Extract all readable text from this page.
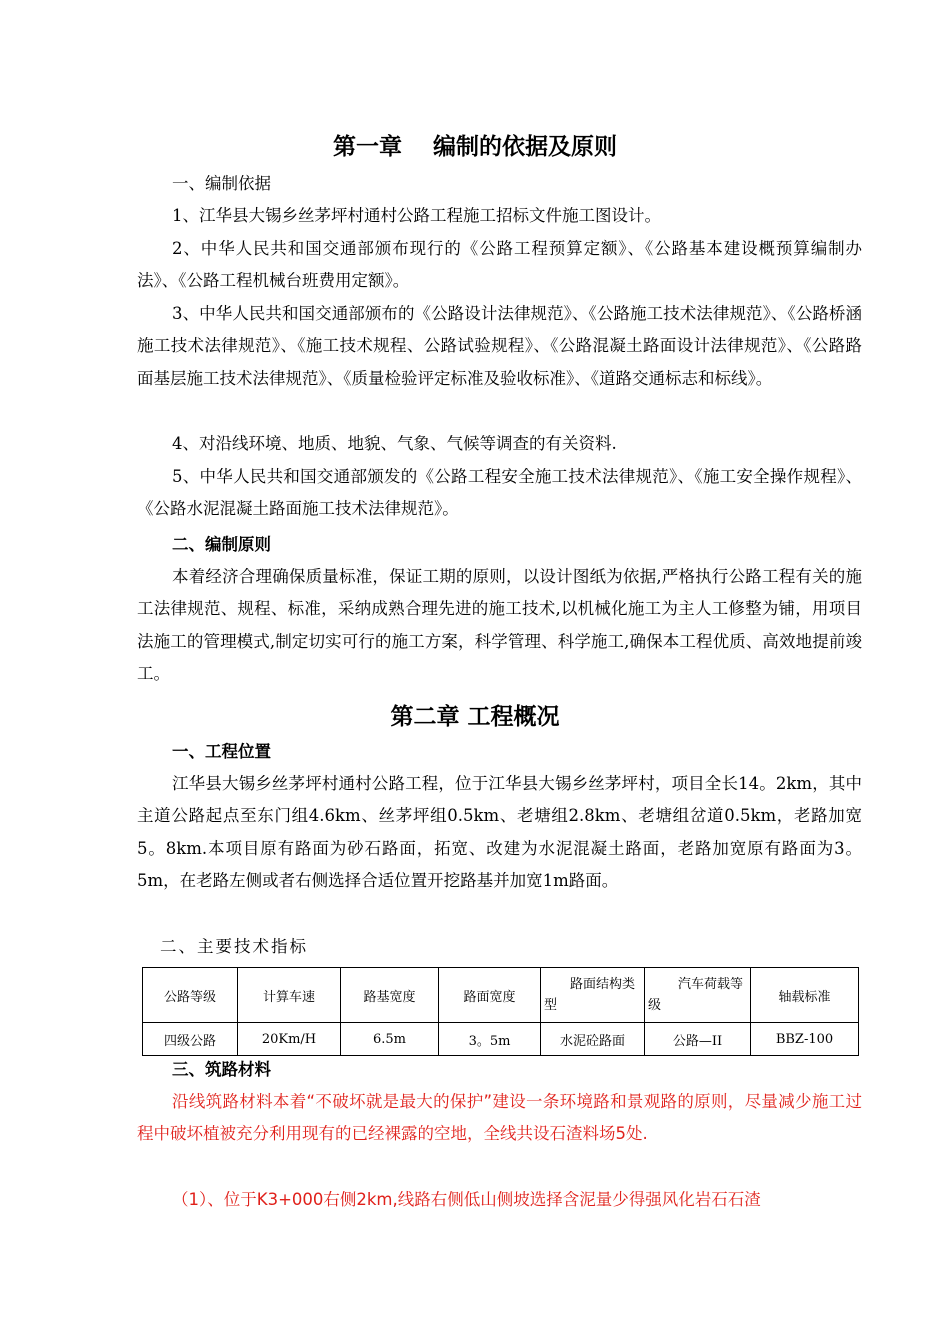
第一章　 编制的依据及原则

一、编制依据

1、江华县大锡乡丝茅坪村通村公路工程施工招标文件施工图设计。

2、中华人民共和国交通部颁布现行的《公路工程预算定额》、《公路基本建设概预算编制办法》、《公路工程机械台班费用定额》。

3、中华人民共和国交通部颁布的《公路设计法律规范》、《公路施工技术法律规范》、《公路桥涵施工技术法律规范》、《施工技术规程、公路试验规程》、《公路混凝土路面设计法律规范》、《公路路面基层施工技术法律规范》、《质量检验评定标准及验收标准》、《道路交通标志和标线》。

4、对沿线环境、地质、地貌、气象、气候等调查的有关资料.

5、中华人民共和国交通部颁发的《公路工程安全施工技术法律规范》、《施工安全操作规程》、《公路水泥混凝土路面施工技术法律规范》。

二、编制原则

本着经济合理确保质量标准，保证工期的原则，以设计图纸为依据,严格执行公路工程有关的施工法律规范、规程、标准，采纳成熟合理先进的施工技术,以机械化施工为主人工修整为铺，用项目法施工的管理模式,制定切实可行的施工方案，科学管理、科学施工,确保本工程优质、高效地提前竣工。

第二章 工程概况

一、工程位置

江华县大锡乡丝茅坪村通村公路工程，位于江华县大锡乡丝茅坪村，项目全长14。2km，其中主道公路起点至东门组4.6km、丝茅坪组0.5km、老塘组2.8km、老塘组岔道0.5km，老路加宽5。8km.本项目原有路面为砂石路面，拓宽、改建为水泥混凝土路面，老路加宽原有路面为3。5m，在老路左侧或者右侧选择合适位置开挖路基并加宽1m路面。

二、主要技术指标

公路等级	计算车速	路基宽度	路面宽度	路面结构类型	汽车荷载等级	轴载标准
四级公路	20Km/H	6.5m	3。5m	水泥砼路面	公路—II	BBZ-100

三、筑路材料

沿线筑路材料本着“不破坏就是最大的保护”建设一条环境路和景观路的原则，尽量减少施工过程中破坏植被充分利用现有的已经裸露的空地，全线共设石渣料场5处.

（1）、位于K3+000右侧2km,线路右侧低山侧坡选择含泥量少得强风化岩石石渣
